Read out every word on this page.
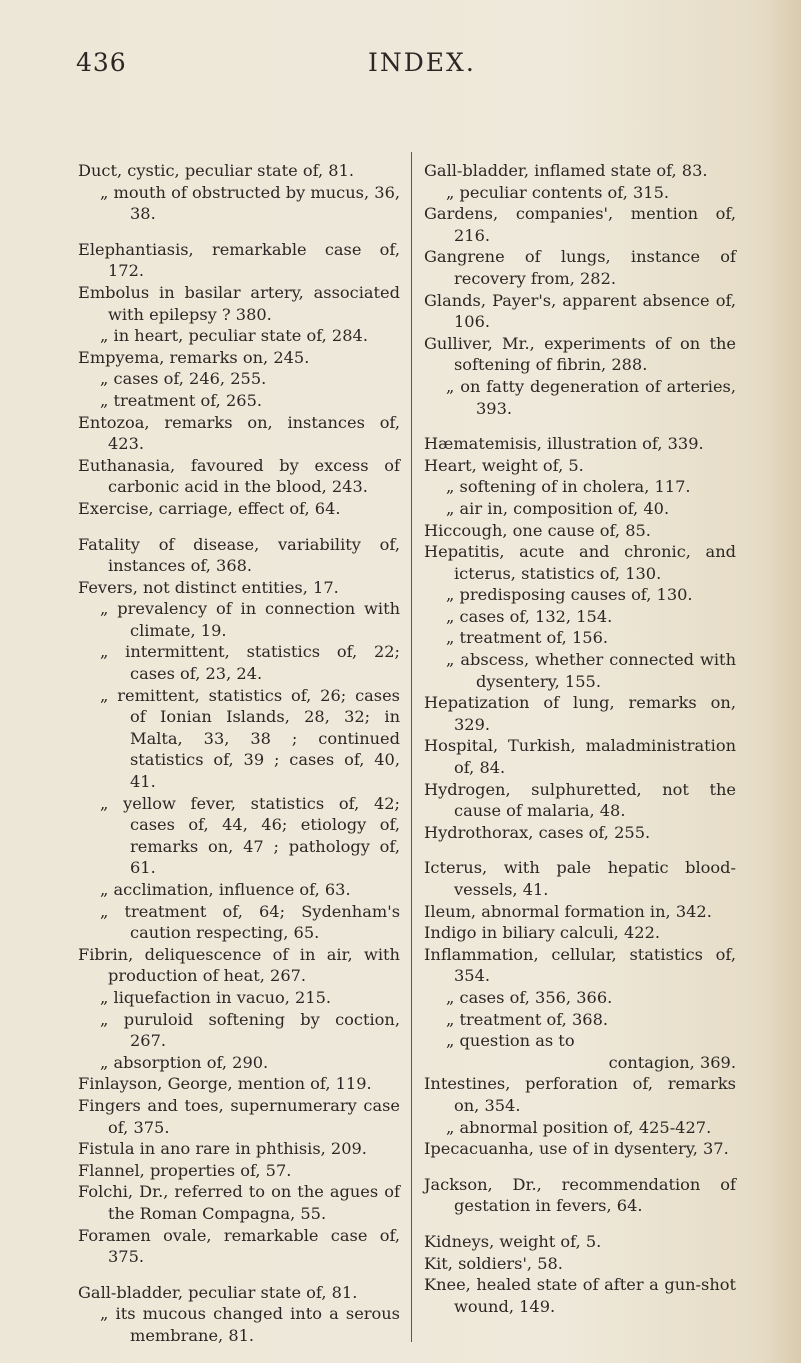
436	INDEX.

Duct, cystic, peculiar state of, 81.

„ mouth of obstructed by mucus, 36, 38.

Elephantiasis, remarkable case of, 172.

Embolus in basilar artery, associated with epilepsy ? 380.

„ in heart, peculiar state of, 284.

Empyema, remarks on, 245.

„ cases of, 246, 255.

„ treatment of, 265.

Entozoa, remarks on, instances of, 423.

Euthanasia, favoured by excess of carbonic acid in the blood, 243.

Exercise, carriage, effect of, 64.

Fatality of disease, variability of, instances of, 368.

Fevers, not distinct entities, 17.

„ prevalency of in connection with climate, 19.

„ intermittent, statistics of, 22; cases of, 23, 24.

„ remittent, statistics of, 26; cases of Ionian Islands, 28, 32; in Malta, 33, 38 ; continued statistics of, 39 ; cases of, 40, 41.

„ yellow fever, statistics of, 42; cases of, 44, 46; etiology of, remarks on, 47 ; pathology of, 61.

„ acclimation, influence of, 63.

„ treatment of, 64; Sydenham's caution respecting, 65.

Fibrin, deliquescence of in air, with production of heat, 267.

„ liquefaction in vacuo, 215.

„ puruloid softening by coction, 267.

„ absorption of, 290.

Finlayson, George, mention of, 119.

Fingers and toes, supernumerary case of, 375.

Fistula in ano rare in phthisis, 209.

Flannel, properties of, 57.

Folchi, Dr., referred to on the agues of the Roman Compagna, 55.

Foramen ovale, remarkable case of, 375.

Gall-bladder, peculiar state of, 81.

„ its mucous changed into a serous membrane, 81.

Gall-bladder, inflamed state of, 83.

„ peculiar contents of, 315.

Gardens, companies', mention of, 216.

Gangrene of lungs, instance of recovery from, 282.

Glands, Payer's, apparent absence of, 106.

Gulliver, Mr., experiments of on the softening of fibrin, 288.

„ on fatty degeneration of arteries, 393.

Hæmatemisis, illustration of, 339.

Heart, weight of, 5.

„ softening of in cholera, 117.

„ air in, composition of, 40.

Hiccough, one cause of, 85.

Hepatitis, acute and chronic, and icterus, statistics of, 130.

„ predisposing causes of, 130.

„ cases of, 132, 154.

„ treatment of, 156.

„ abscess, whether connected with dysentery, 155.

Hepatization of lung, remarks on, 329.

Hospital, Turkish, maladministration of, 84.

Hydrogen, sulphuretted, not the cause of malaria, 48.

Hydrothorax, cases of, 255.

Icterus, with pale hepatic blood-vessels, 41.

Ileum, abnormal formation in, 342.

Indigo in biliary calculi, 422.

Inflammation, cellular, statistics of, 354.

„ cases of, 356, 366.

„ treatment of, 368.

„ question as to

contagion, 369.

Intestines, perforation of, remarks on, 354.

„ abnormal position of, 425-427.

Ipecacuanha, use of in dysentery, 37.

Jackson, Dr., recommendation of gestation in fevers, 64.

Kidneys, weight of, 5.

Kit, soldiers', 58.

Knee, healed state of after a gun-shot wound, 149.
